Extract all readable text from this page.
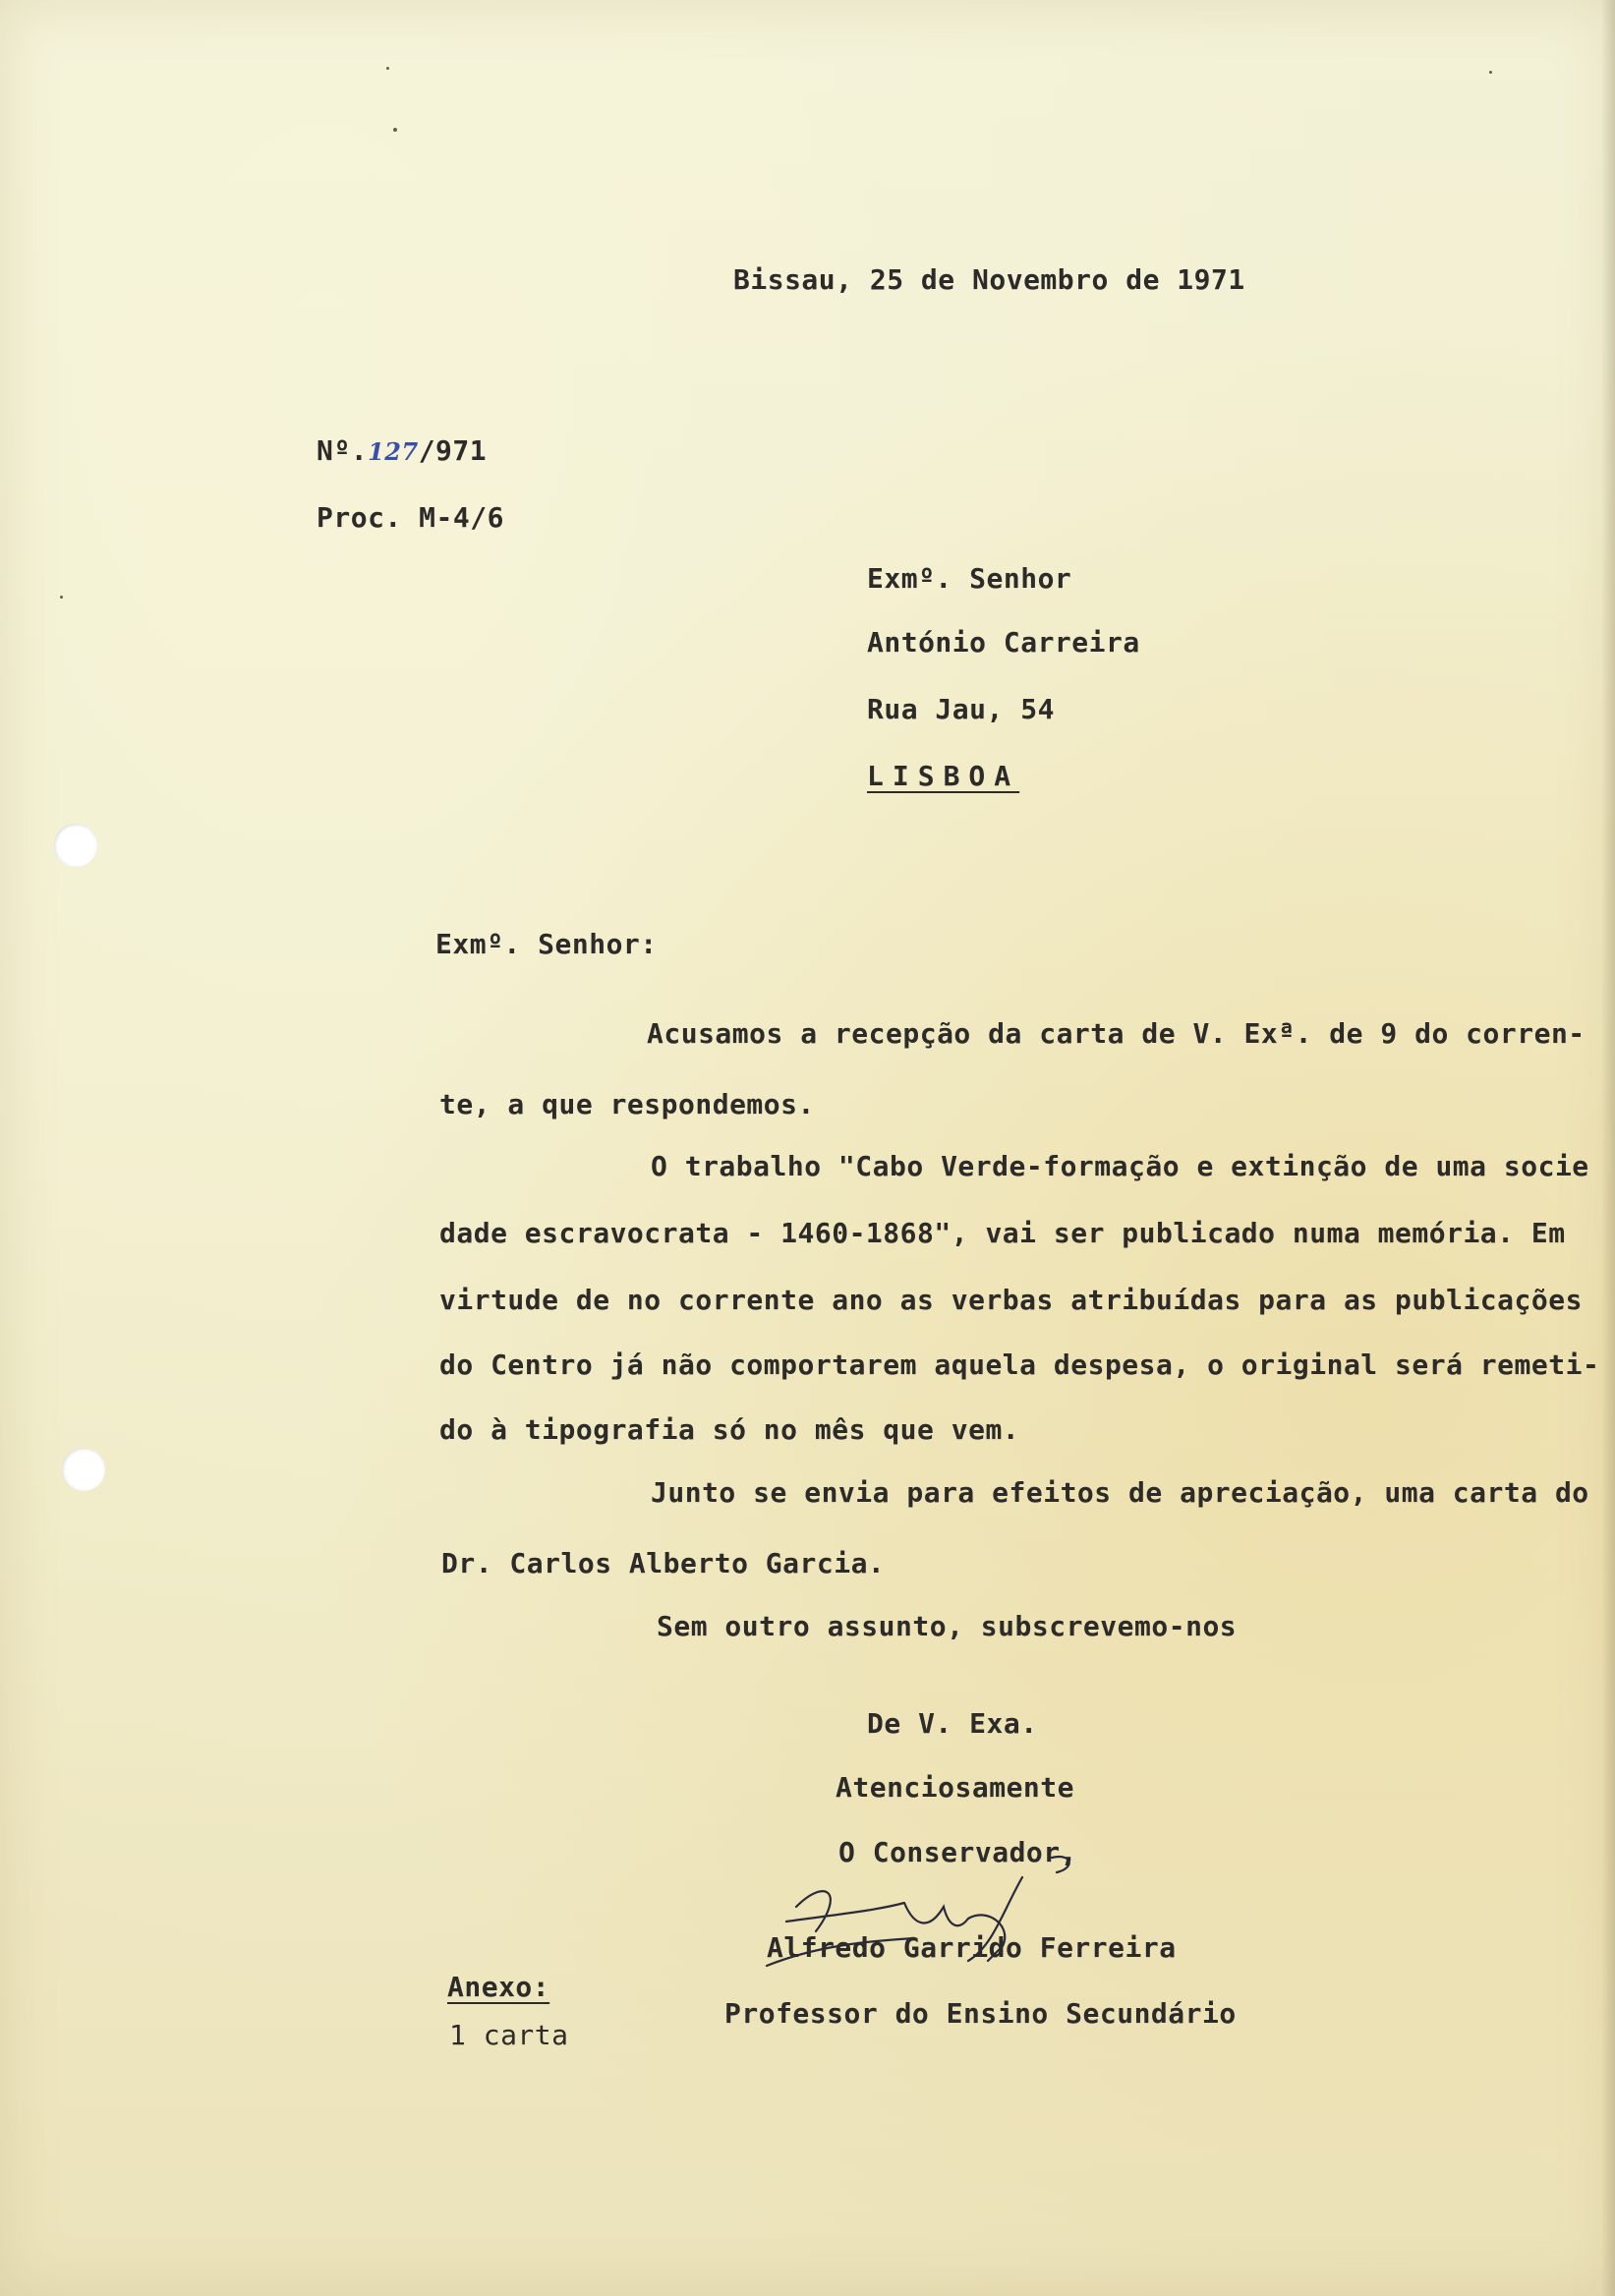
Bissau, 25 de Novembro de 1971
Nº.127/971
Proc. M-4/6
Exmº. Senhor
António Carreira
Rua Jau, 54
LISBOA
Exmº. Senhor:
Acusamos a recepção da carta de V. Exª. de 9 do corren-
te, a que respondemos.
O trabalho "Cabo Verde-formação e extinção de uma socie
dade escravocrata - 1460-1868", vai ser publicado numa memória. Em
virtude de no corrente ano as verbas atribuídas para as publicações
do Centro já não comportarem aquela despesa, o original será remeti-
do à tipografia só no mês que vem.
Junto se envia para efeitos de apreciação, uma carta do
Dr. Carlos Alberto Garcia.
Sem outro assunto, subscrevemo-nos
De V. Exa.
Atenciosamente
O Conservador,
Alfredo Garrido Ferreira
Professor do Ensino Secundário
Anexo:
1 carta
